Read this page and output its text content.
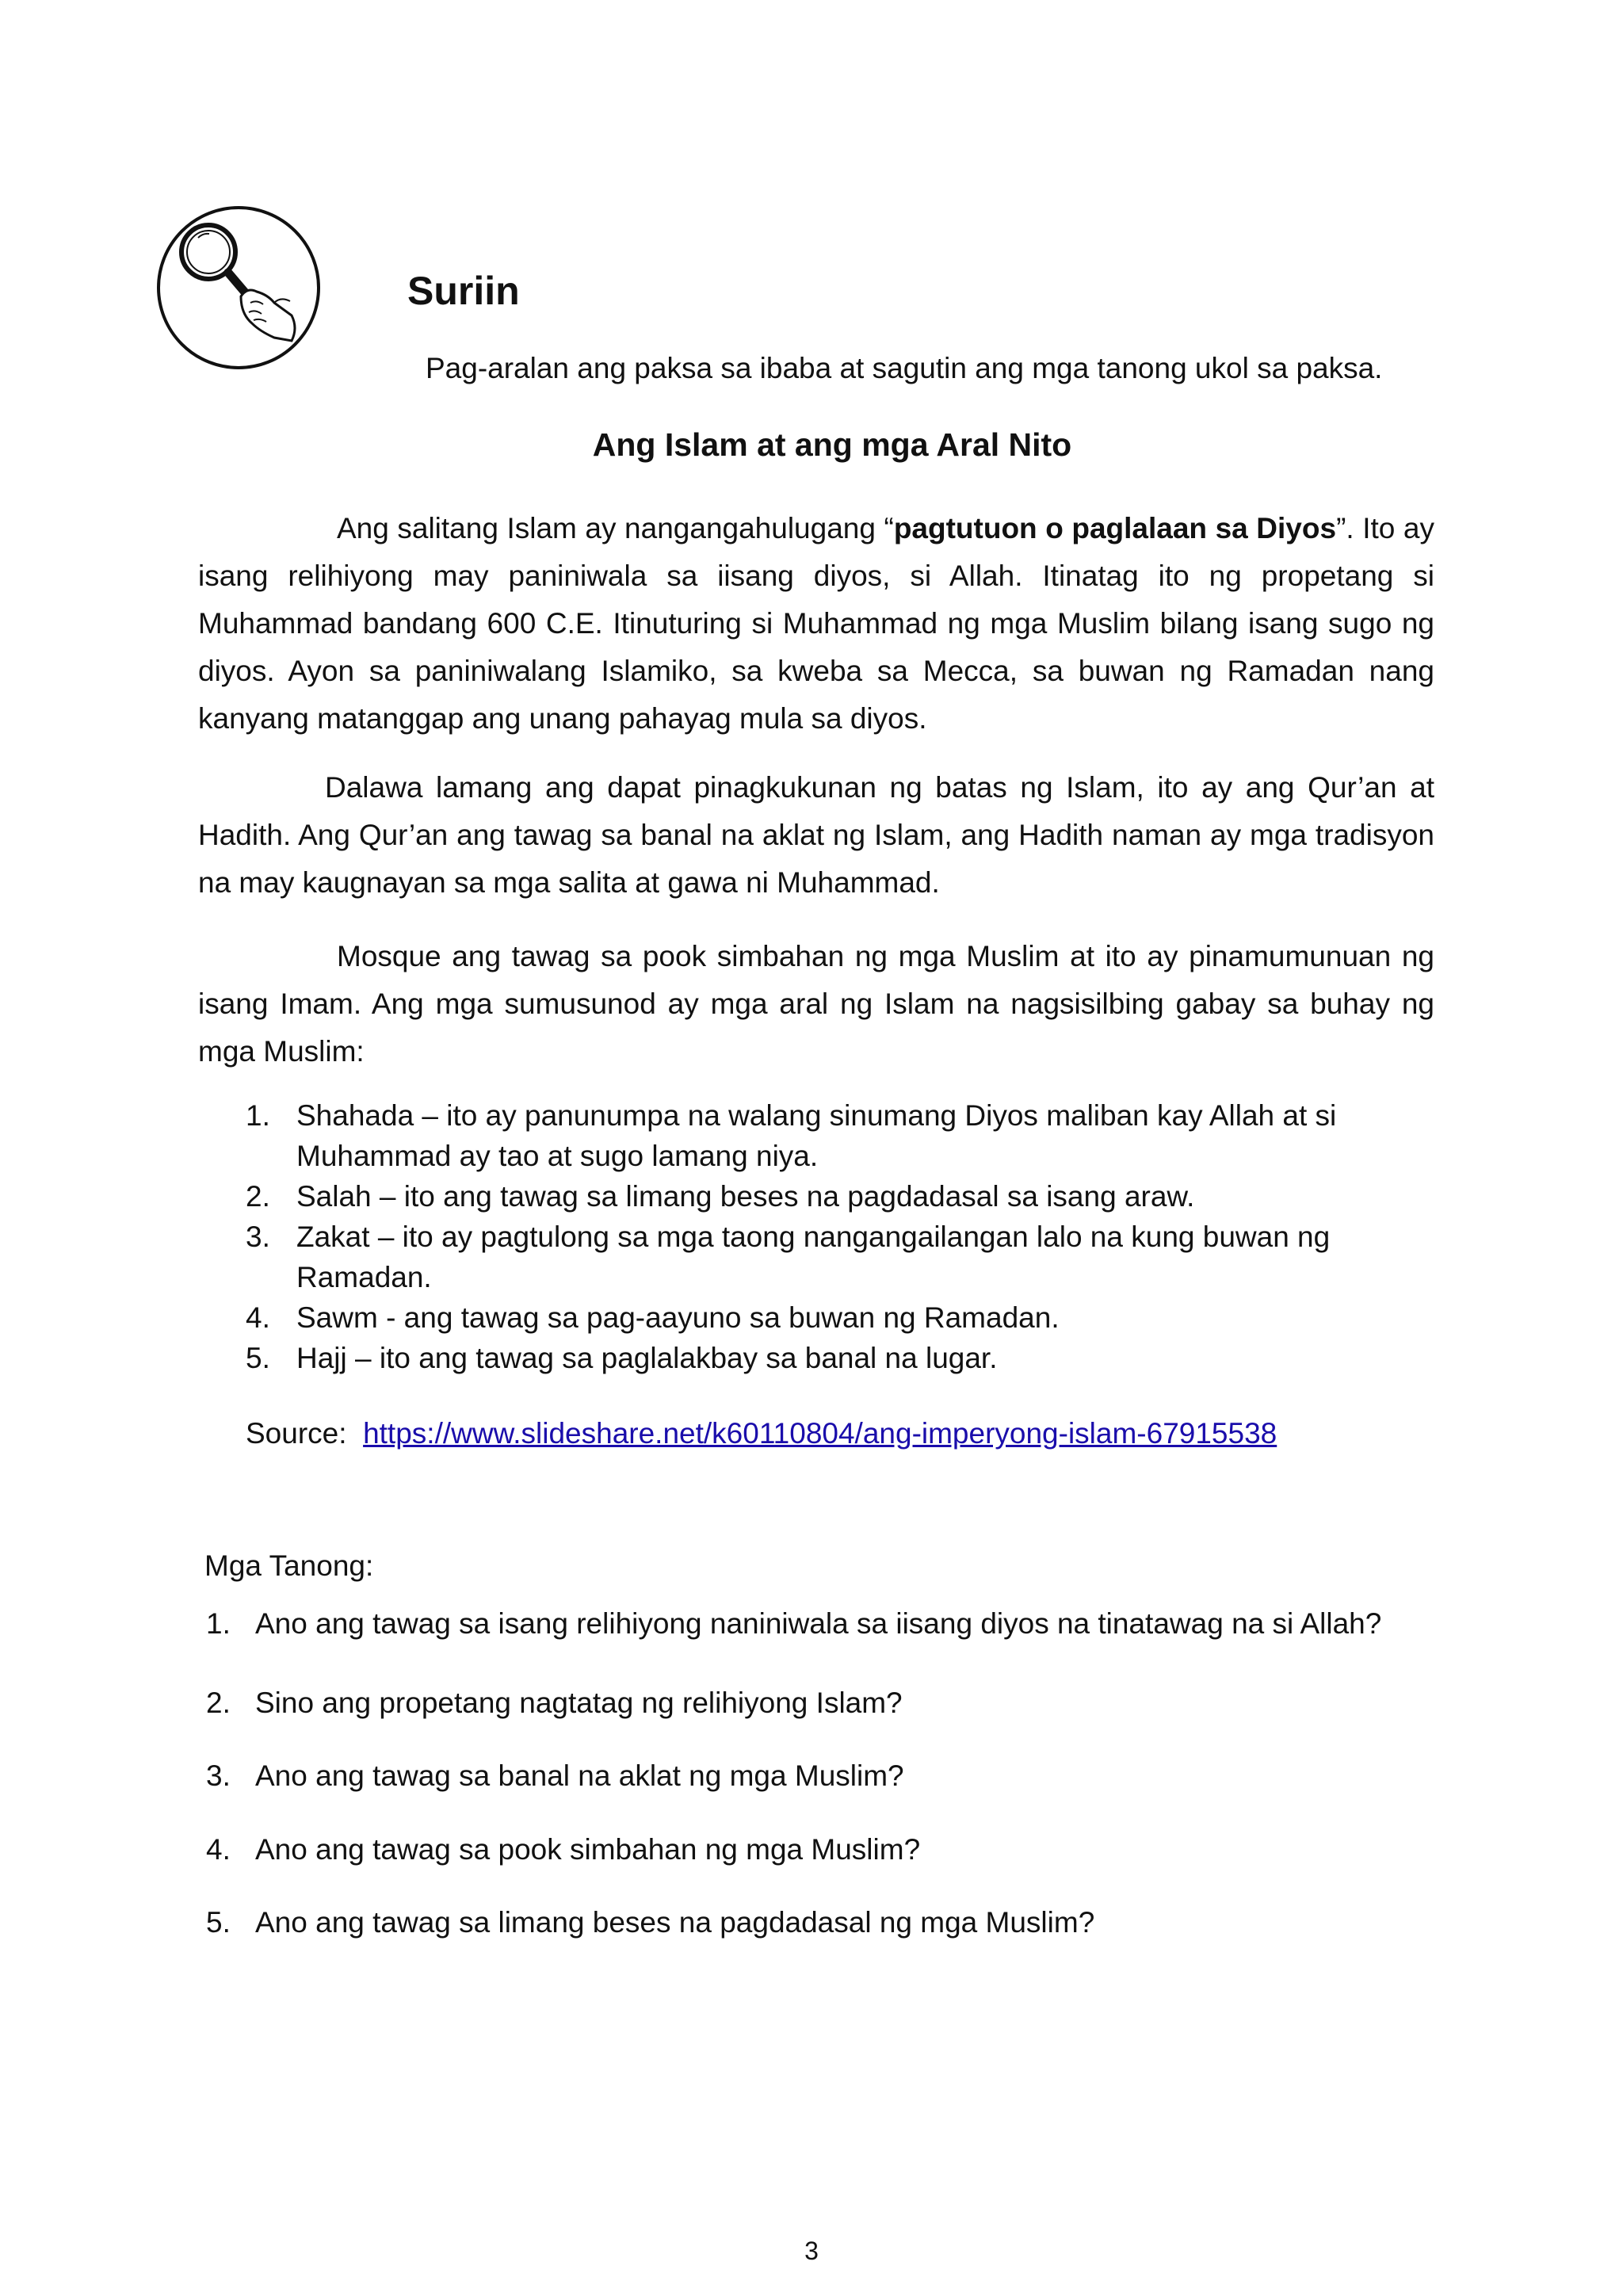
Suriin
Pag-aralan ang paksa sa ibaba at sagutin ang mga tanong ukol sa paksa.
Ang Islam at ang mga Aral Nito
Ang salitang Islam ay nangangahulugang “pagtutuon o paglalaan sa Diyos”. Ito ay isang relihiyong may paniniwala sa iisang diyos, si Allah. Itinatag ito ng propetang si Muhammad bandang 600 C.E. Itinuturing si Muhammad ng mga Muslim bilang isang sugo ng diyos. Ayon sa paniniwalang Islamiko, sa kweba sa Mecca, sa buwan ng Ramadan nang kanyang matanggap ang unang pahayag mula sa diyos.
Dalawa lamang ang dapat pinagkukunan ng batas ng Islam, ito ay ang Qur’an at Hadith. Ang Qur’an ang tawag sa banal na aklat ng Islam, ang Hadith naman ay mga tradisyon na may kaugnayan sa mga salita at gawa ni Muhammad.
Mosque ang tawag sa pook simbahan ng mga Muslim at ito ay pinamumunuan ng isang Imam. Ang mga sumusunod ay mga aral ng Islam na nagsisilbing gabay sa buhay ng mga Muslim:
1. Shahada – ito ay panunumpa na walang sinumang Diyos maliban kay Allah at si Muhammad ay tao at sugo lamang niya.
2. Salah – ito ang tawag sa limang beses na pagdadasal sa isang araw.
3. Zakat – ito ay pagtulong sa mga taong nangangailangan lalo na kung buwan ng Ramadan.
4. Sawm - ang tawag sa pag-aayuno sa buwan ng Ramadan.
5. Hajj – ito ang tawag sa paglalakbay sa banal na lugar.
Source: https://www.slideshare.net/k60110804/ang-imperyong-islam-67915538
Mga Tanong:
1. Ano ang tawag sa isang relihiyong naniniwala sa iisang diyos na tinatawag na si Allah?
2. Sino ang propetang nagtatag ng relihiyong Islam?
3. Ano ang tawag sa banal na aklat ng mga Muslim?
4. Ano ang tawag sa pook simbahan ng mga Muslim?
5. Ano ang tawag sa limang beses na pagdadasal ng mga Muslim?
3
